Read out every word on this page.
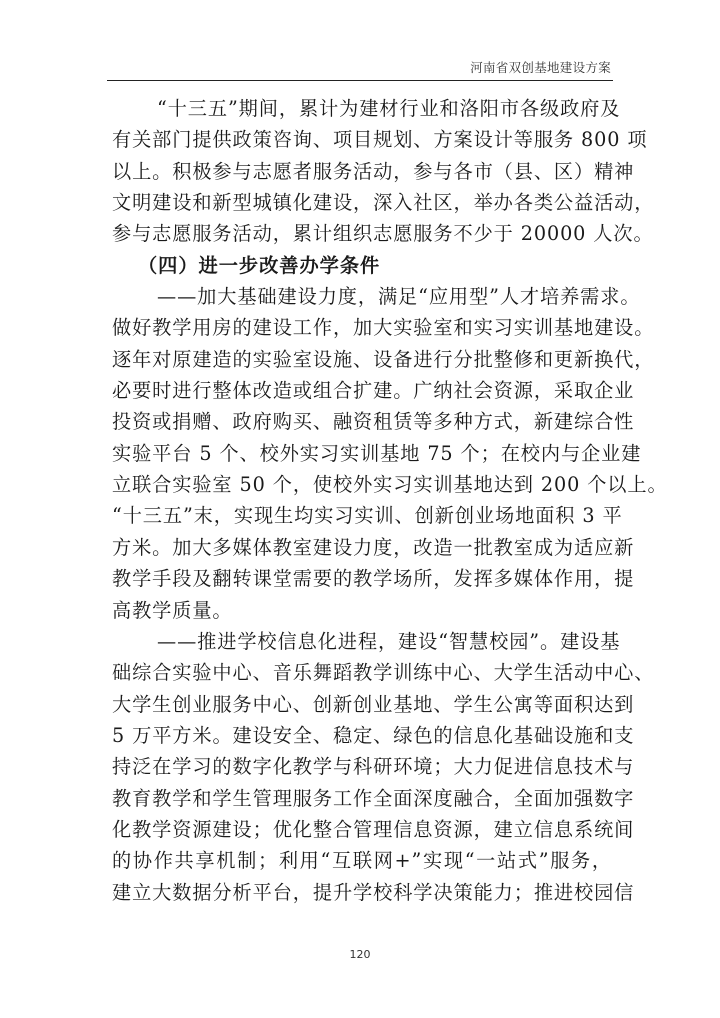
河南省双创基地建设方案
“十三五”期间，累计为建材行业和洛阳市各级政府及
有关部门提供政策咨询、项目规划、方案设计等服务 800 项
以上。积极参与志愿者服务活动，参与各市（县、区）精神
文明建设和新型城镇化建设，深入社区，举办各类公益活动，
参与志愿服务活动，累计组织志愿服务不少于 20000 人次。
（四）进一步改善办学条件
——加大基础建设力度，满足“应用型”人才培养需求。
做好教学用房的建设工作，加大实验室和实习实训基地建设。
逐年对原建造的实验室设施、设备进行分批整修和更新换代，
必要时进行整体改造或组合扩建。广纳社会资源，采取企业
投资或捐赠、政府购买、融资租赁等多种方式，新建综合性
实验平台 5 个、校外实习实训基地 75 个；在校内与企业建
立联合实验室 50 个，使校外实习实训基地达到 200 个以上。
“十三五”末，实现生均实习实训、创新创业场地面积 3 平
方米。加大多媒体教室建设力度，改造一批教室成为适应新
教学手段及翻转课堂需要的教学场所，发挥多媒体作用，提
高教学质量。
——推进学校信息化进程，建设“智慧校园”。建设基
础综合实验中心、音乐舞蹈教学训练中心、大学生活动中心、
大学生创业服务中心、创新创业基地、学生公寓等面积达到
5 万平方米。建设安全、稳定、绿色的信息化基础设施和支
持泛在学习的数字化教学与科研环境；大力促进信息技术与
教育教学和学生管理服务工作全面深度融合，全面加强数字
化教学资源建设；优化整合管理信息资源，建立信息系统间
的协作共享机制；利用“互联网+”实现“一站式”服务，
建立大数据分析平台，提升学校科学决策能力；推进校园信
120
